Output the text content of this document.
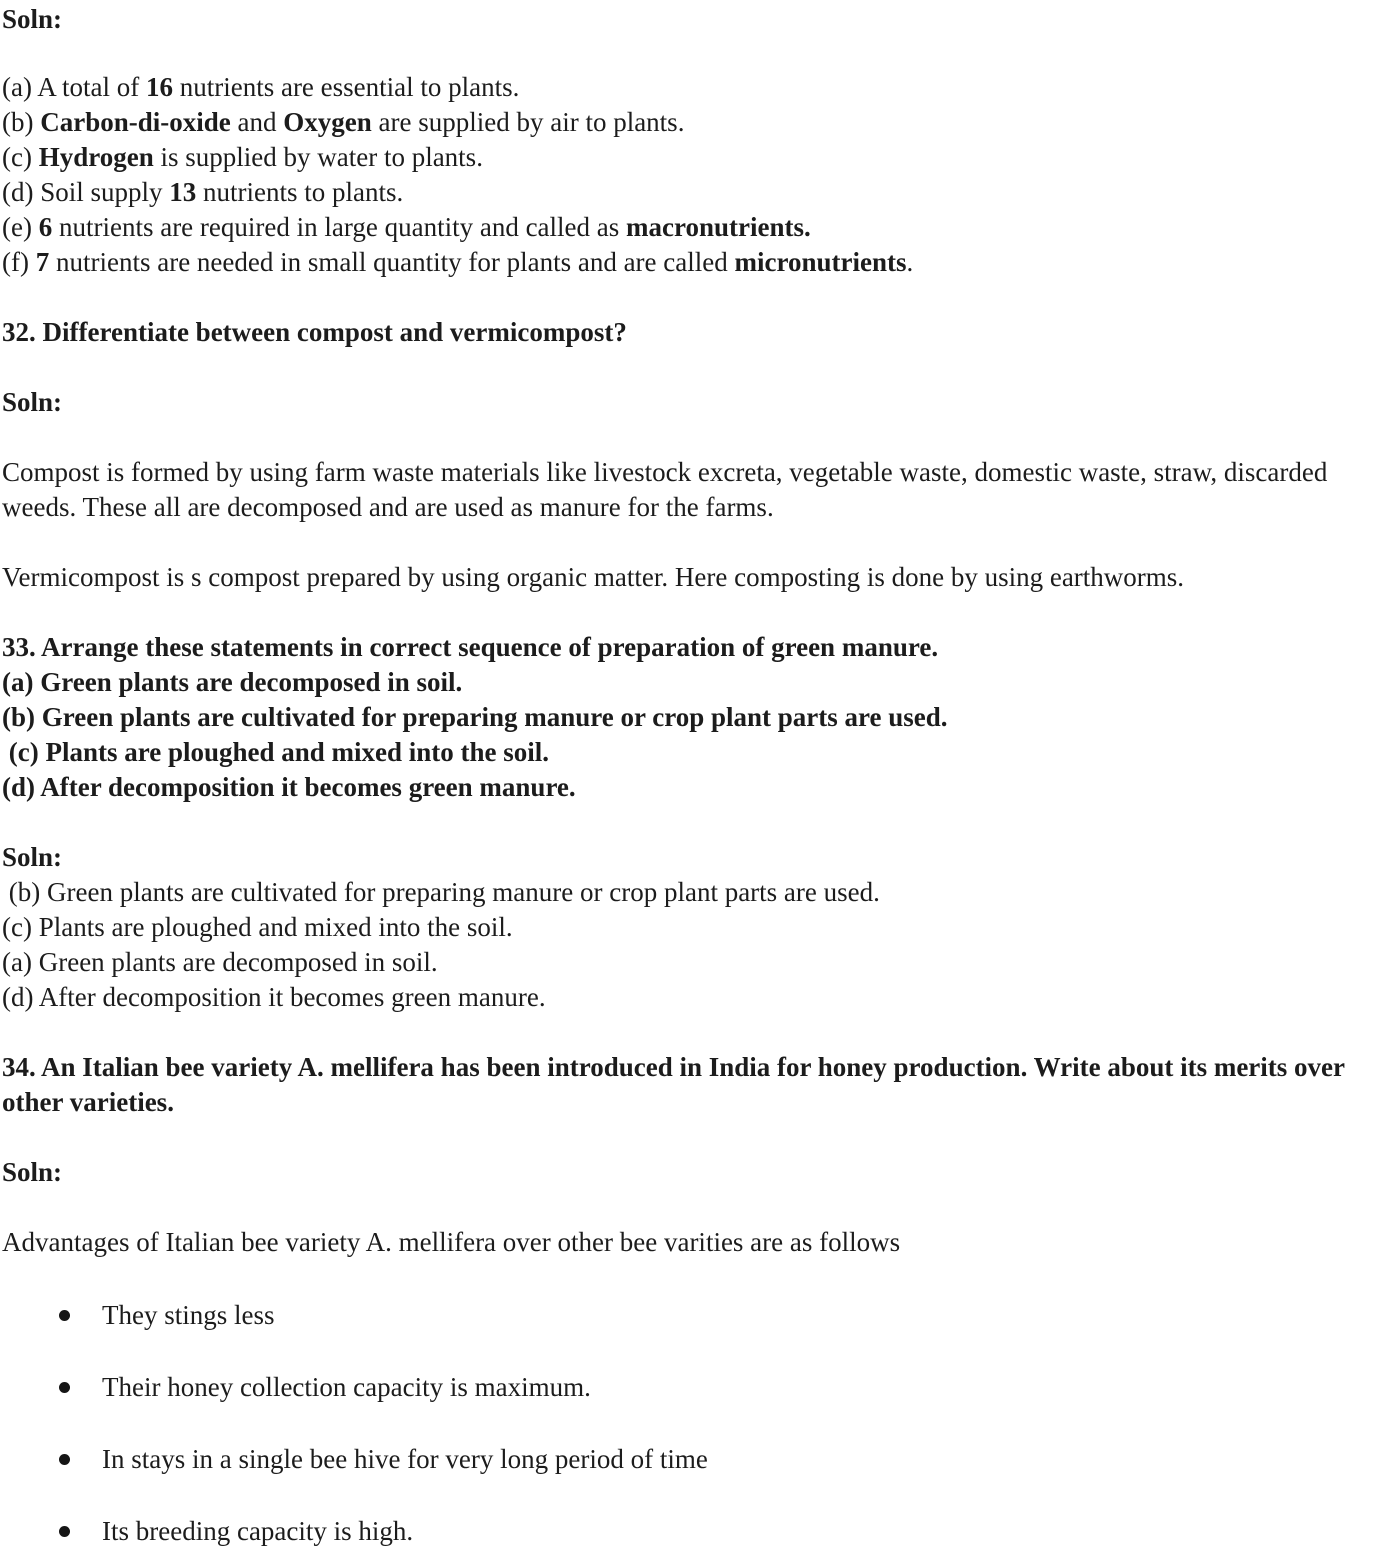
Soln:
(a) A total of 16 nutrients are essential to plants.
(b) Carbon-di-oxide and Oxygen are supplied by air to plants.
(c) Hydrogen is supplied by water to plants.
(d) Soil supply 13 nutrients to plants.
(e) 6 nutrients are required in large quantity and called as macronutrients.
(f) 7 nutrients are needed in small quantity for plants and are called micronutrients.
32. Differentiate between compost and vermicompost?
Soln:
Compost is formed by using farm waste materials like livestock excreta, vegetable waste, domestic waste, straw, discarded weeds. These all are decomposed and are used as manure for the farms.
Vermicompost is s compost prepared by using organic matter. Here composting is done by using earthworms.
33. Arrange these statements in correct sequence of preparation of green manure.
(a) Green plants are decomposed in soil.
(b) Green plants are cultivated for preparing manure or crop plant parts are used.
(c) Plants are ploughed and mixed into the soil.
(d) After decomposition it becomes green manure.
Soln:
(b) Green plants are cultivated for preparing manure or crop plant parts are used.
(c) Plants are ploughed and mixed into the soil.
(a) Green plants are decomposed in soil.
(d) After decomposition it becomes green manure.
34. An Italian bee variety A. mellifera has been introduced in India for honey production. Write about its merits over other varieties.
Soln:
Advantages of Italian bee variety A. mellifera over other bee varities are as follows
They stings less
Their honey collection capacity is maximum.
In stays in a single bee hive for very long period of time
Its breeding capacity is high.
